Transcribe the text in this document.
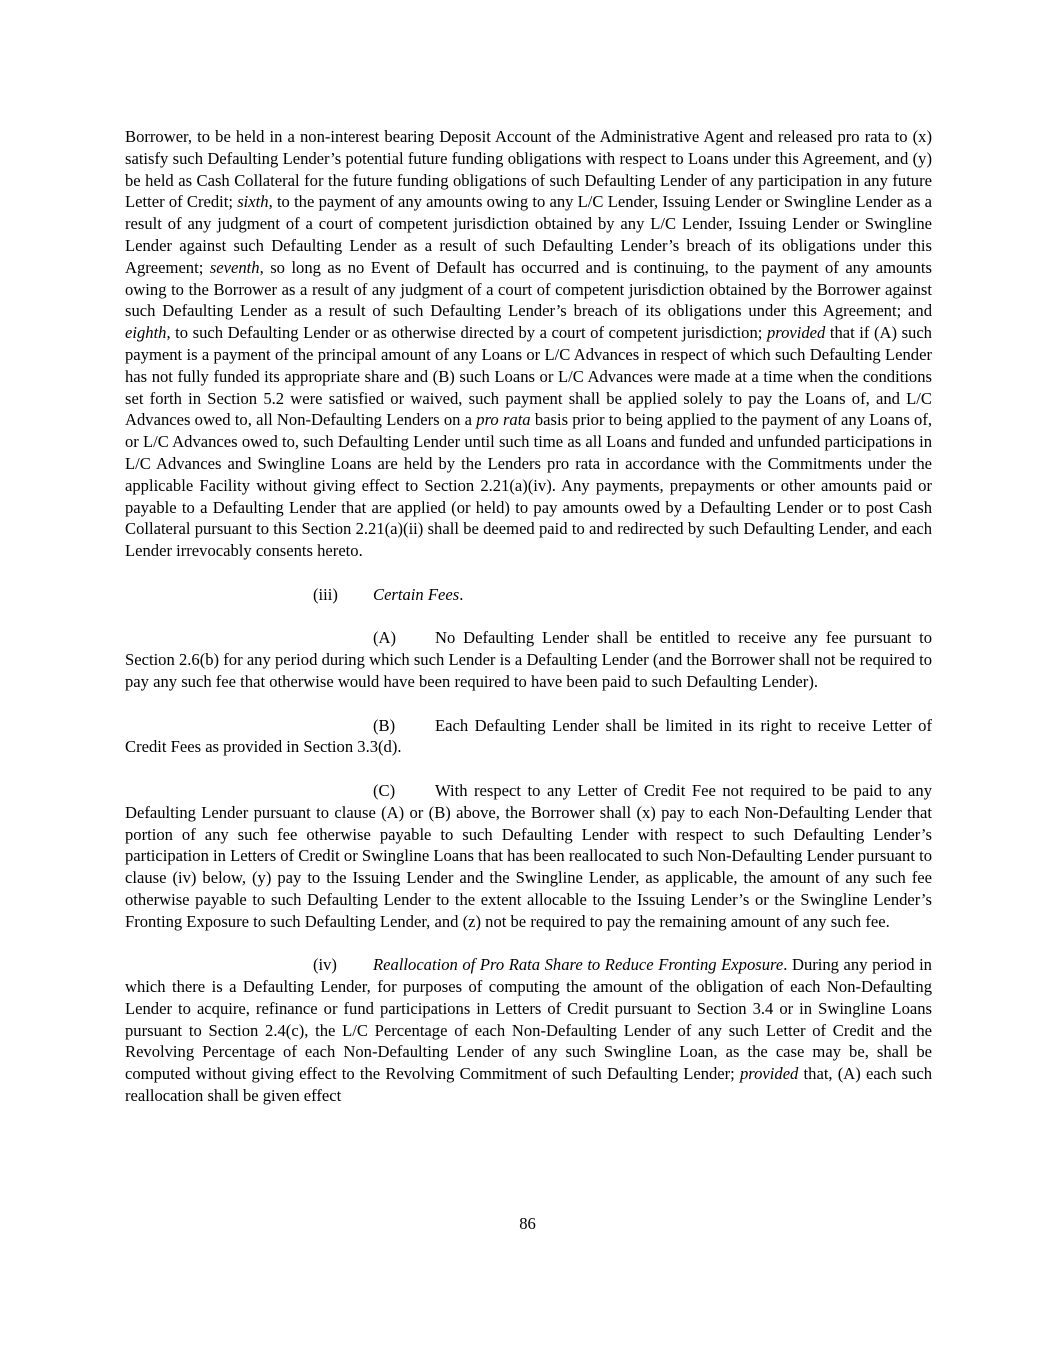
Borrower, to be held in a non-interest bearing Deposit Account of the Administrative Agent and released pro rata to (x) satisfy such Defaulting Lender’s potential future funding obligations with respect to Loans under this Agreement, and (y) be held as Cash Collateral for the future funding obligations of such Defaulting Lender of any participation in any future Letter of Credit; sixth, to the payment of any amounts owing to any L/C Lender, Issuing Lender or Swingline Lender as a result of any judgment of a court of competent jurisdiction obtained by any L/C Lender, Issuing Lender or Swingline Lender against such Defaulting Lender as a result of such Defaulting Lender’s breach of its obligations under this Agreement; seventh, so long as no Event of Default has occurred and is continuing, to the payment of any amounts owing to the Borrower as a result of any judgment of a court of competent jurisdiction obtained by the Borrower against such Defaulting Lender as a result of such Defaulting Lender’s breach of its obligations under this Agreement; and eighth, to such Defaulting Lender or as otherwise directed by a court of competent jurisdiction; provided that if (A) such payment is a payment of the principal amount of any Loans or L/C Advances in respect of which such Defaulting Lender has not fully funded its appropriate share and (B) such Loans or L/C Advances were made at a time when the conditions set forth in Section 5.2 were satisfied or waived, such payment shall be applied solely to pay the Loans of, and L/C Advances owed to, all Non-Defaulting Lenders on a pro rata basis prior to being applied to the payment of any Loans of, or L/C Advances owed to, such Defaulting Lender until such time as all Loans and funded and unfunded participations in L/C Advances and Swingline Loans are held by the Lenders pro rata in accordance with the Commitments under the applicable Facility without giving effect to Section 2.21(a)(iv). Any payments, prepayments or other amounts paid or payable to a Defaulting Lender that are applied (or held) to pay amounts owed by a Defaulting Lender or to post Cash Collateral pursuant to this Section 2.21(a)(ii) shall be deemed paid to and redirected by such Defaulting Lender, and each Lender irrevocably consents hereto.

(iii) Certain Fees.

(A) No Defaulting Lender shall be entitled to receive any fee pursuant to Section 2.6(b) for any period during which such Lender is a Defaulting Lender (and the Borrower shall not be required to pay any such fee that otherwise would have been required to have been paid to such Defaulting Lender).

(B) Each Defaulting Lender shall be limited in its right to receive Letter of Credit Fees as provided in Section 3.3(d).

(C) With respect to any Letter of Credit Fee not required to be paid to any Defaulting Lender pursuant to clause (A) or (B) above, the Borrower shall (x) pay to each Non-Defaulting Lender that portion of any such fee otherwise payable to such Defaulting Lender with respect to such Defaulting Lender’s participation in Letters of Credit or Swingline Loans that has been reallocated to such Non-Defaulting Lender pursuant to clause (iv) below, (y) pay to the Issuing Lender and the Swingline Lender, as applicable, the amount of any such fee otherwise payable to such Defaulting Lender to the extent allocable to the Issuing Lender’s or the Swingline Lender’s Fronting Exposure to such Defaulting Lender, and (z) not be required to pay the remaining amount of any such fee.

(iv) Reallocation of Pro Rata Share to Reduce Fronting Exposure. During any period in which there is a Defaulting Lender, for purposes of computing the amount of the obligation of each Non-Defaulting Lender to acquire, refinance or fund participations in Letters of Credit pursuant to Section 3.4 or in Swingline Loans pursuant to Section 2.4(c), the L/C Percentage of each Non-Defaulting Lender of any such Letter of Credit and the Revolving Percentage of each Non-Defaulting Lender of any such Swingline Loan, as the case may be, shall be computed without giving effect to the Revolving Commitment of such Defaulting Lender; provided that, (A) each such reallocation shall be given effect

86
